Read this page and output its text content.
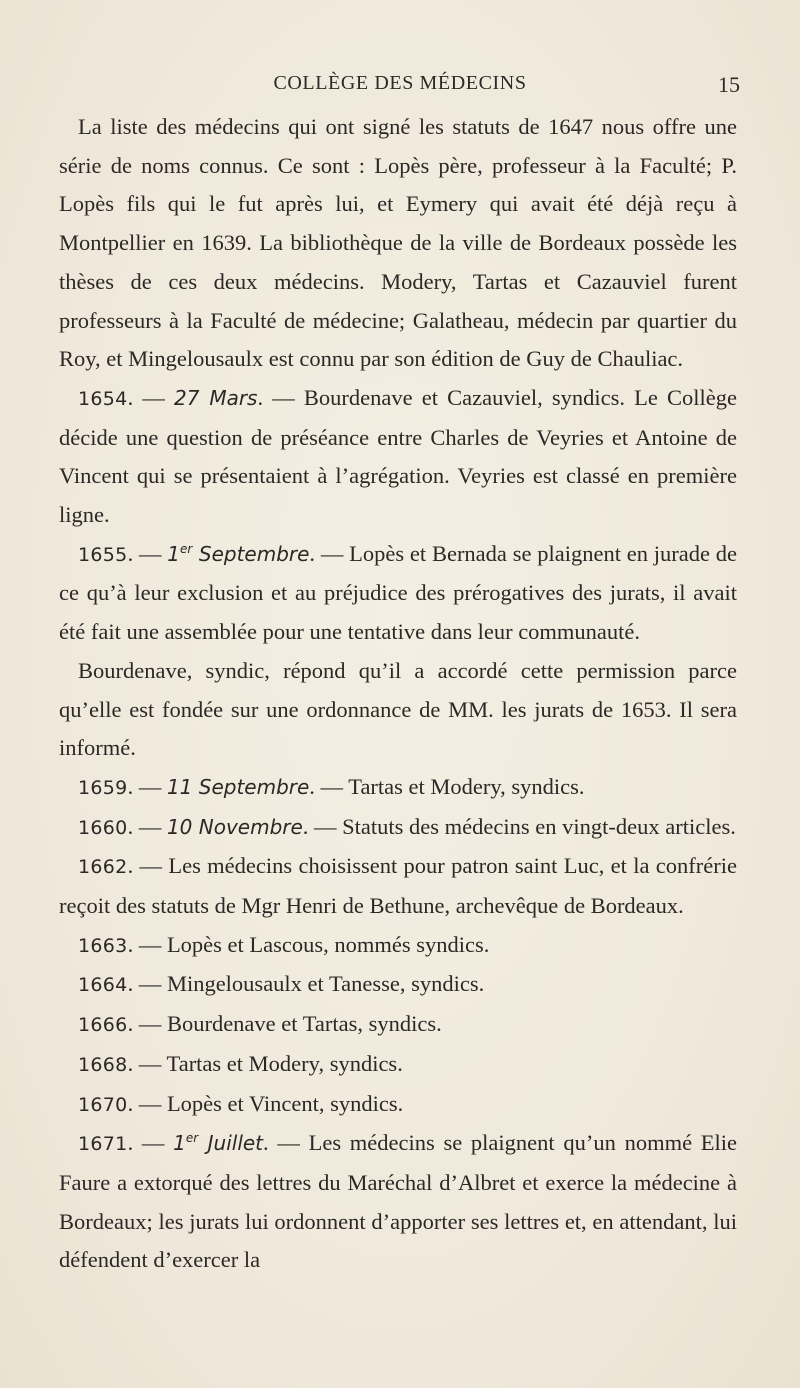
COLLÈGE DES MÉDECINS	15

La liste des médecins qui ont signé les statuts de 1647 nous offre une série de noms connus. Ce sont : Lopès père, professeur à la Faculté; P. Lopès fils qui le fut après lui, et Eymery qui avait été déjà reçu à Montpellier en 1639. La bibliothèque de la ville de Bordeaux possède les thèses de ces deux médecins. Modery, Tartas et Cazauviel furent professeurs à la Faculté de médecine; Galatheau, médecin par quartier du Roy, et Mingelousaulx est connu par son édition de Guy de Chauliac.

1654. — 27 Mars. — Bourdenave et Cazauviel, syndics. Le Collège décide une question de préséance entre Charles de Veyries et Antoine de Vincent qui se présentaient à l’agrégation. Veyries est classé en première ligne.

1655. — 1er Septembre. — Lopès et Bernada se plaignent en jurade de ce qu’à leur exclusion et au préjudice des prérogatives des jurats, il avait été fait une assemblée pour une tentative dans leur communauté.

Bourdenave, syndic, répond qu’il a accordé cette permission parce qu’elle est fondée sur une ordonnance de MM. les jurats de 1653. Il sera informé.

1659. — 11 Septembre. — Tartas et Modery, syndics.

1660. — 10 Novembre. — Statuts des médecins en vingt-deux articles.

1662. — Les médecins choisissent pour patron saint Luc, et la confrérie reçoit des statuts de Mgr Henri de Bethune, archevêque de Bordeaux.

1663. — Lopès et Lascous, nommés syndics.

1664. — Mingelousaulx et Tanesse, syndics.

1666. — Bourdenave et Tartas, syndics.

1668. — Tartas et Modery, syndics.

1670. — Lopès et Vincent, syndics.

1671. — 1er Juillet. — Les médecins se plaignent qu’un nommé Elie Faure a extorqué des lettres du Maréchal d’Albret et exerce la médecine à Bordeaux; les jurats lui ordonnent d’apporter ses lettres et, en attendant, lui défendent d’exercer la
